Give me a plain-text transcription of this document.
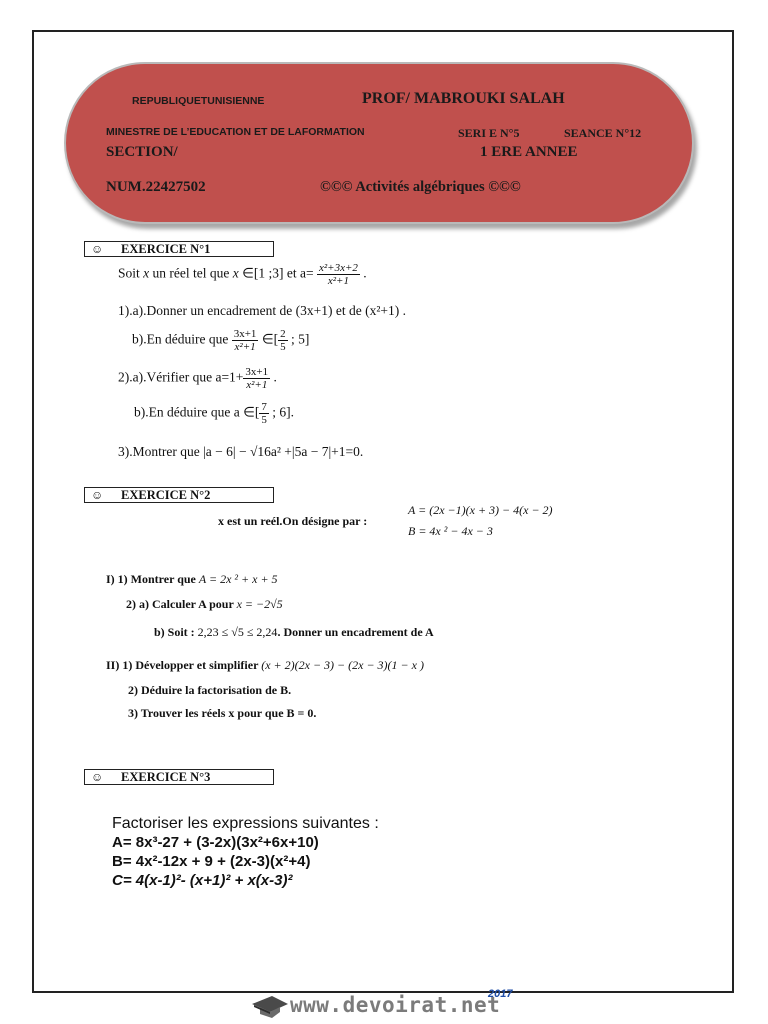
REPUBLIQUETUNISIENNE	PROF/ MABROUKI SALAH
MINESTRE DE L’EDUCATION ET DE LAFORMATION	SERI E N°5	SEANCE N°12
SECTION/	1 ERE ANNEE
NUM.22427502	©©© Activités algébriques ©©©
☺ EXERCICE N°1
Soit x un réel tel que x ∈[1 ;3] et $a= \frac{\text{x²+3x+2}}{\text{x²+1}}$ .
1).a).Donner un encadrement de (3x+1) et de (x²+1) .
b).En déduire que $\frac{3x+1}{\text{x²+1}}$ ∈[ $\frac{2}{5}$ ; 5]
2).a).Vérifier que $a=1+ \frac{3x+1}{\text{x²+1}}$ .
b).En déduire que a ∈[ $\frac{7}{5}$ ; 6].
3).Montrer que |a − 6| − √16a² +|5a − 7|+1=0.
☺ EXERCICE N°2
x est un reél.On désigne par :
A = (2x −1)(x + 3) − 4(x − 2)
B = 4x ² − 4x − 3
I) 1) Montrer que A = 2x ² + x + 5
2) a) Calculer A pour x = −2√5
b) Soit : 2,23 ≤ √5 ≤ 2,24. Donner un encadrement de A
II) 1) Développer et simplifier (x + 2)(2x − 3) − (2x − 3)(1 − x )
2) Déduire la factorisation de B.
3) Trouver les réels x pour que B = 0.
☺ EXERCICE N°3
Factoriser les expressions suivantes :
A= 8x³-27 + (3-2x)(3x²+6x+10)
B= 4x²-12x + 9 + (2x-3)(x²+4)
C= 4(x-1)²- (x+1)² + x(x-3)²
www.devoirat.net
2017
